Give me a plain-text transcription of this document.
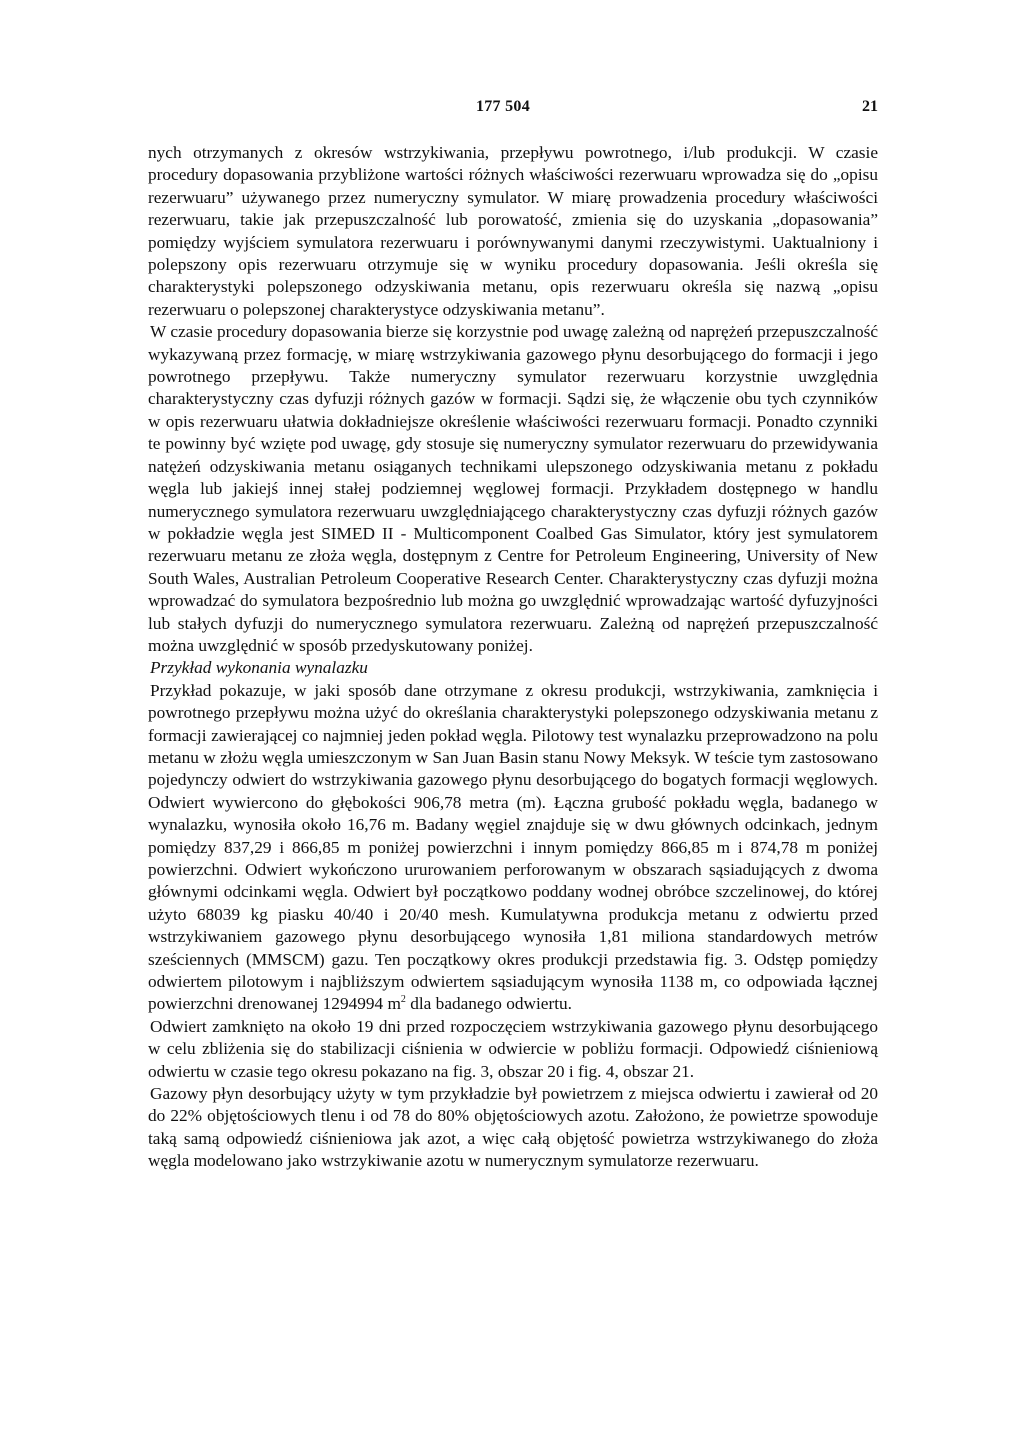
177 504	21

nych otrzymanych z okresów wstrzykiwania, przepływu powrotnego, i/lub produkcji. W czasie procedury dopasowania przybliżone wartości różnych właściwości rezerwuaru wprowadza się do „opisu rezerwuaru” używanego przez numeryczny symulator. W miarę prowadzenia procedury właściwości rezerwuaru, takie jak przepuszczalność lub porowatość, zmienia się do uzyskania „dopasowania” pomiędzy wyjściem symulatora rezerwuaru i porównywanymi danymi rzeczywistymi. Uaktualniony i polepszony opis rezerwuaru otrzymuje się w wyniku procedury dopasowania. Jeśli określa się charakterystyki polepszonego odzyskiwania metanu, opis rezerwuaru określa się nazwą „opisu rezerwuaru o polepszonej charakterystyce odzyskiwania metanu”.

W czasie procedury dopasowania bierze się korzystnie pod uwagę zależną od naprężeń przepuszczalność wykazywaną przez formację, w miarę wstrzykiwania gazowego płynu desorbującego do formacji i jego powrotnego przepływu. Także numeryczny symulator rezerwuaru korzystnie uwzględnia charakterystyczny czas dyfuzji różnych gazów w formacji. Sądzi się, że włączenie obu tych czynników w opis rezerwuaru ułatwia dokładniejsze określenie właściwości rezerwuaru formacji. Ponadto czynniki te powinny być wzięte pod uwagę, gdy stosuje się numeryczny symulator rezerwuaru do przewidywania natężeń odzyskiwania metanu osiąganych technikami ulepszonego odzyskiwania metanu z pokładu węgla lub jakiejś innej stałej podziemnej węglowej formacji. Przykładem dostępnego w handlu numerycznego symulatora rezerwuaru uwzględniającego charakterystyczny czas dyfuzji różnych gazów w pokładzie węgla jest SIMED II - Multicomponent Coalbed Gas Simulator, który jest symulatorem rezerwuaru metanu ze złoża węgla, dostępnym z Centre for Petroleum Engineering, University of New South Wales, Australian Petroleum Cooperative Research Center. Charakterystyczny czas dyfuzji można wprowadzać do symulatora bezpośrednio lub można go uwzględnić wprowadzając wartość dyfuzyjności lub stałych dyfuzji do numerycznego symulatora rezerwuaru. Zależną od naprężeń przepuszczalność można uwzględnić w sposób przedyskutowany poniżej.

Przykład wykonania wynalazku

Przykład pokazuje, w jaki sposób dane otrzymane z okresu produkcji, wstrzykiwania, zamknięcia i powrotnego przepływu można użyć do określania charakterystyki polepszonego odzyskiwania metanu z formacji zawierającej co najmniej jeden pokład węgla. Pilotowy test wynalazku przeprowadzono na polu metanu w złożu węgla umieszczonym w San Juan Basin stanu Nowy Meksyk. W teście tym zastosowano pojedynczy odwiert do wstrzykiwania gazowego płynu desorbującego do bogatych formacji węglowych. Odwiert wywiercono do głębokości 906,78 metra (m). Łączna grubość pokładu węgla, badanego w wynalazku, wynosiła około 16,76 m. Badany węgiel znajduje się w dwu głównych odcinkach, jednym pomiędzy 837,29 i 866,85 m poniżej powierzchni i innym pomiędzy 866,85 m i 874,78 m poniżej powierzchni. Odwiert wykończono ururowaniem perforowanym w obszarach sąsiadujących z dwoma głównymi odcinkami węgla. Odwiert był początkowo poddany wodnej obróbce szczelinowej, do której użyto 68039 kg piasku 40/40 i 20/40 mesh. Kumulatywna produkcja metanu z odwiertu przed wstrzykiwaniem gazowego płynu desorbującego wynosiła 1,81 miliona standardowych metrów sześciennych (MMSCM) gazu. Ten początkowy okres produkcji przedstawia fig. 3. Odstęp pomiędzy odwiertem pilotowym i najbliższym odwiertem sąsiadującym wynosiła 1138 m, co odpowiada łącznej powierzchni drenowanej 1294994 $m^2$ dla badanego odwiertu.

Odwiert zamknięto na około 19 dni przed rozpoczęciem wstrzykiwania gazowego płynu desorbującego w celu zbliżenia się do stabilizacji ciśnienia w odwiercie w pobliżu formacji. Odpowiedź ciśnieniową odwiertu w czasie tego okresu pokazano na fig. 3, obszar 20 i fig. 4, obszar 21.

Gazowy płyn desorbujący użyty w tym przykładzie był powietrzem z miejsca odwiertu i zawierał od 20 do 22% objętościowych tlenu i od 78 do 80% objętościowych azotu. Założono, że powietrze spowoduje taką samą odpowiedź ciśnieniowa jak azot, a więc całą objętość powietrza wstrzykiwanego do złoża węgla modelowano jako wstrzykiwanie azotu w numerycznym symulatorze rezerwuaru.
